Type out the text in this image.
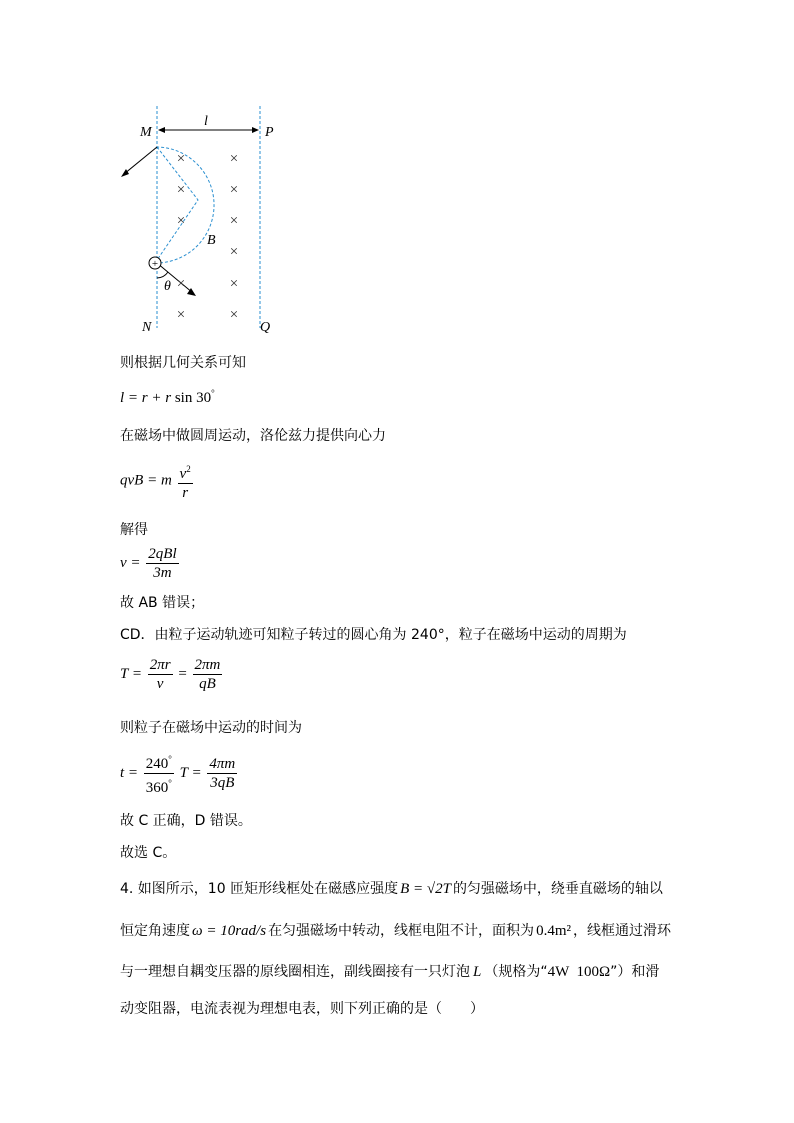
+
×	×
×	×
×	×
×
×	×
×	×
M	P
N	Q
l
B
θ
则根据几何关系可知
l = r + r sin 30°
在磁场中做圆周运动，洛伦兹力提供向心力
qvB = m $\frac{v^2}{r}$
解得
$v = \frac{\text{2qBl}}{3m}$
故 AB 错误；
CD．由粒子运动轨迹可知粒子转过的圆心角为 240°，粒子在磁场中运动的周期为
$T = \frac{2\pi r}{v} = \frac{2\pi m}{qB}$
则粒子在磁场中运动的时间为
$t = \frac{240^\circ}{360^\circ}$ $T = \frac{4\pi m}{3qB}$
故 C 正确，D 错误。
故选 C。
4. 如图所示，10 匝矩形线框处在磁感应强度 B = √2T 的匀强磁场中，绕垂直磁场的轴以
恒定角速度 ω = 10rad/s 在匀强磁场中转动，线框电阻不计，面积为 0.4m² ，线框通过滑环
与一理想自耦变压器的原线圈相连，副线圈接有一只灯泡 L （规格为“4W  100Ω”）和滑
动变阻器，电流表视为理想电表，则下列正确的是（　　）
